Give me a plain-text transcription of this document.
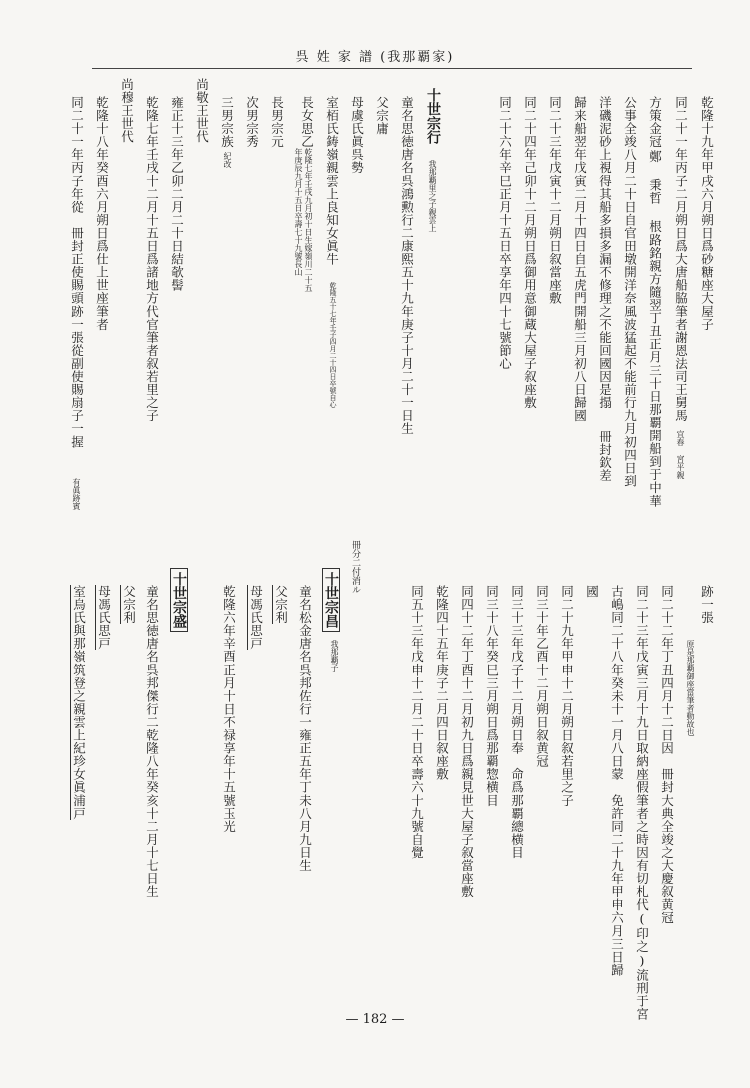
呉 姓 家 譜 (我那覇家)
乾隆十九年甲戌六月朔日爲砂糖座大屋子
同二十一年丙子二月朔日爲大唐船脇筆者謝恩法司王舅馬
宜春 宮平親
方策金冠
鄭 秉哲 根路銘親方隨翌丁丑正月三十日那覇開船到于中華
公事全竣八月二十日自官田墩開洋奈風波猛起不能前行九月初四日到
洋磯泥砂上視得其船多損多漏不修理之不能回國因是搨
冊封欽差
歸来船翌年戊寅二月十四日自五虎門開船三月初八日歸國
同二十三年戊寅十二月朔日叙當座敷
同二十四年己卯十二月朔日爲御用意御蔵大屋子叙座敷
同二十六年辛巳正月十五日卒享年四十七號節心
十世宗行
我那覇里之子親雲上
童名思徳唐名呉鴻勲行二康熙五十九年庚子十月二十一日生
父宗庸
母虞氏眞呉勢
室栢氏鋳嶺親雲上良知女眞牛
乾隆五十七年壬子四月二十四日卒號自心
長女思乙
乾隆七年壬戌九月初十日生嫁嶺川二十五
年庚辰九月十五日卒壽七十九號長山
長男宗元
次男宗秀
三男宗族
紀改
尚敬王世代
雍正十三年乙卯二月二十日結欹髻
乾隆七年壬戌十二月十五日爲諸地方代官筆者叙若里之子
尚穆王世代
乾隆十八年癸酉六月朔日爲仕上世座筆者
同二十一年丙子年從　冊封正使賜頭跡一張從副使賜扇子一握
有眞跡賓
跡一張
原是那覇御座當筆者動故也
同二十二年丁丑四月十二日因　冊封大典全竣之大慶叙黄冠
同二十三年戊寅三月十九日取納座假筆者之時因有切札代(印之)流刑于宮
古嶋同二十八年癸未十一月八日蒙　免許同二十九年甲申六月三日歸
國
同二十九年甲申十二月朔日叙若里之子
同三十年乙酉十二月朔日叙黄冠
同三十三年戊子十二月朔日奉　命爲那覇總横目
同三十八年癸巳三月朔日爲那覇惣横目
同四十二年丁酉十二月初九日爲親見世大屋子叙當座敷
乾隆四十五年庚子二月四日叙座敷
同五十三年戊申十二月二十日卒壽六十九號自覺
冊分二付消ル
十世宗昌
我那覇子
童名松金唐名呉邦佐行一雍正五年丁未八月九日生
父宗利
母馮氏思戸
乾隆六年辛酉正月十日不禄享年十五號玉光
十世宗盛
童名思徳唐名呉邦傑行二乾隆八年癸亥十二月十七日生
父宗利
母馮氏思戸
室烏氏與那嶺筑登之親雲上紀珍女眞浦戸
— 182 —
